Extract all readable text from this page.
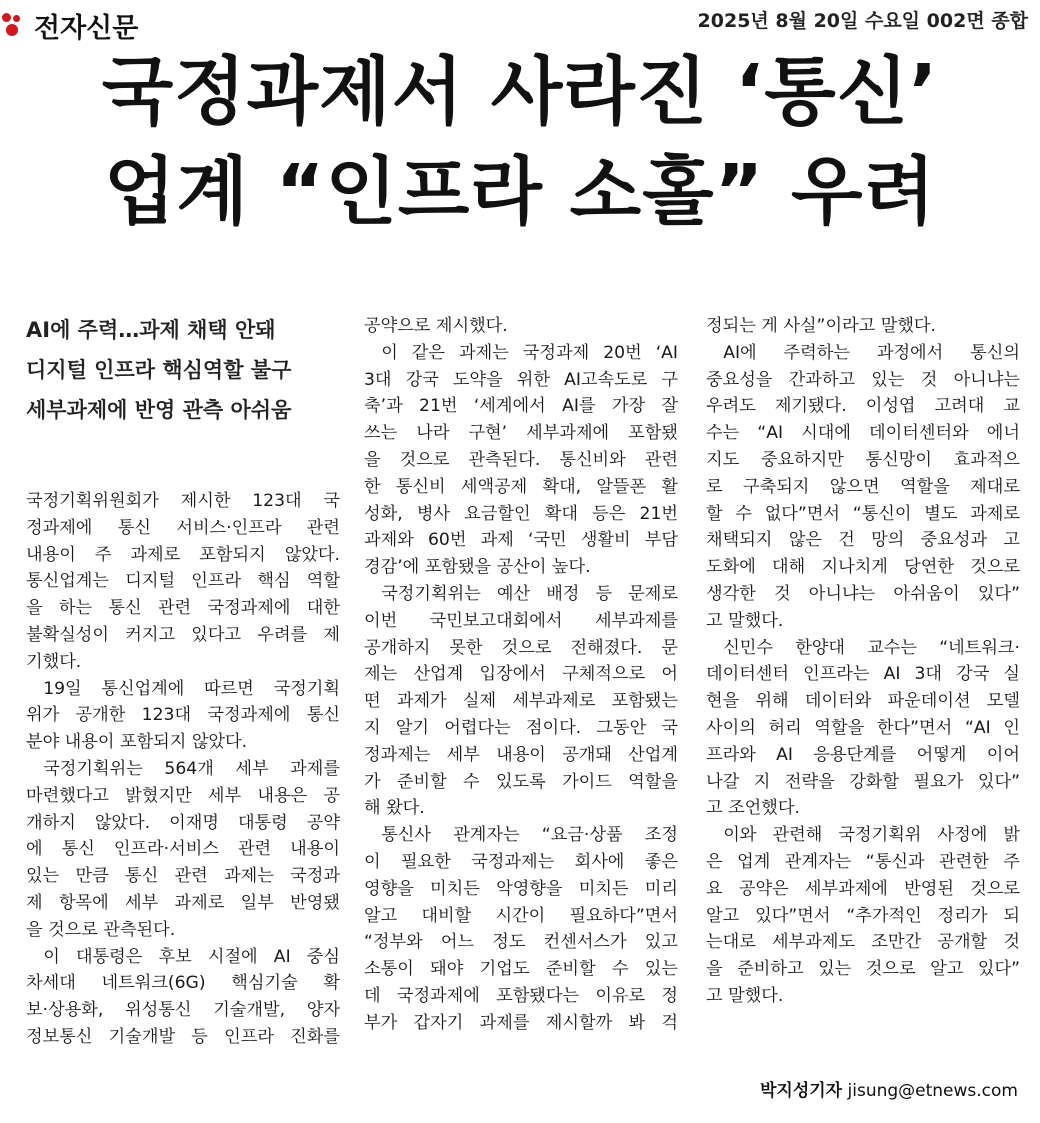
전자신문	2025년 8월 20일 수요일 002면 종합
국정과제서 사라진 ‘통신’
업계 “인프라 소홀” 우려
AI에 주력…과제 채택 안돼
디지털 인프라 핵심역할 불구
세부과제에 반영 관측 아쉬움
국정기획위원회가 제시한 123대 국
정과제에 통신 서비스·인프라 관련
내용이 주 과제로 포함되지 않았다.
통신업계는 디지털 인프라 핵심 역할
을 하는 통신 관련 국정과제에 대한
불확실성이 커지고 있다고 우려를 제
기했다.
 19일 통신업계에 따르면 국정기획
위가 공개한 123대 국정과제에 통신
분야 내용이 포함되지 않았다.
 국정기획위는 564개 세부 과제를
마련했다고 밝혔지만 세부 내용은 공
개하지 않았다. 이재명 대통령 공약
에 통신 인프라·서비스 관련 내용이
있는 만큼 통신 관련 과제는 국정과
제 항목에 세부 과제로 일부 반영됐
을 것으로 관측된다.
 이 대통령은 후보 시절에 AI 중심
차세대 네트워크(6G) 핵심기술 확
보·상용화, 위성통신 기술개발, 양자
정보통신 기술개발 등 인프라 진화를
공약으로 제시했다.
 이 같은 과제는 국정과제 20번 ‘AI
3대 강국 도약을 위한 AI고속도로 구
축’과 21번 ‘세계에서 AI를 가장 잘
쓰는 나라 구현’ 세부과제에 포함됐
을 것으로 관측된다. 통신비와 관련
한 통신비 세액공제 확대, 알뜰폰 활
성화, 병사 요금할인 확대 등은 21번
과제와 60번 과제 ‘국민 생활비 부담
경감’에 포함됐을 공산이 높다.
 국정기획위는 예산 배정 등 문제로
이번 국민보고대회에서 세부과제를
공개하지 못한 것으로 전해졌다. 문
제는 산업계 입장에서 구체적으로 어
떤 과제가 실제 세부과제로 포함됐는
지 알기 어렵다는 점이다. 그동안 국
정과제는 세부 내용이 공개돼 산업계
가 준비할 수 있도록 가이드 역할을
해 왔다.
 통신사 관계자는 “요금·상품 조정
이 필요한 국정과제는 회사에 좋은
영향을 미치든 악영향을 미치든 미리
알고 대비할 시간이 필요하다”면서
“정부와 어느 정도 컨센서스가 있고
소통이 돼야 기업도 준비할 수 있는
데 국정과제에 포함됐다는 이유로 정
부가 갑자기 과제를 제시할까 봐 걱
정되는 게 사실”이라고 말했다.
 AI에 주력하는 과정에서 통신의
중요성을 간과하고 있는 것 아니냐는
우려도 제기됐다. 이성엽 고려대 교
수는 “AI 시대에 데이터센터와 에너
지도 중요하지만 통신망이 효과적으
로 구축되지 않으면 역할을 제대로
할 수 없다”면서 “통신이 별도 과제로
채택되지 않은 건 망의 중요성과 고
도화에 대해 지나치게 당연한 것으로
생각한 것 아니냐는 아쉬움이 있다”
고 말했다.
 신민수 한양대 교수는 “네트워크·
데이터센터 인프라는 AI 3대 강국 실
현을 위해 데이터와 파운데이션 모델
사이의 허리 역할을 한다”면서 “AI 인
프라와 AI 응용단계를 어떻게 이어
나갈 지 전략을 강화할 필요가 있다”
고 조언했다.
 이와 관련해 국정기획위 사정에 밝
은 업계 관계자는 “통신과 관련한 주
요 공약은 세부과제에 반영된 것으로
알고 있다”면서 “추가적인 정리가 되
는대로 세부과제도 조만간 공개할 것
을 준비하고 있는 것으로 알고 있다”
고 말했다.
박지성기자 jisung@etnews.com
